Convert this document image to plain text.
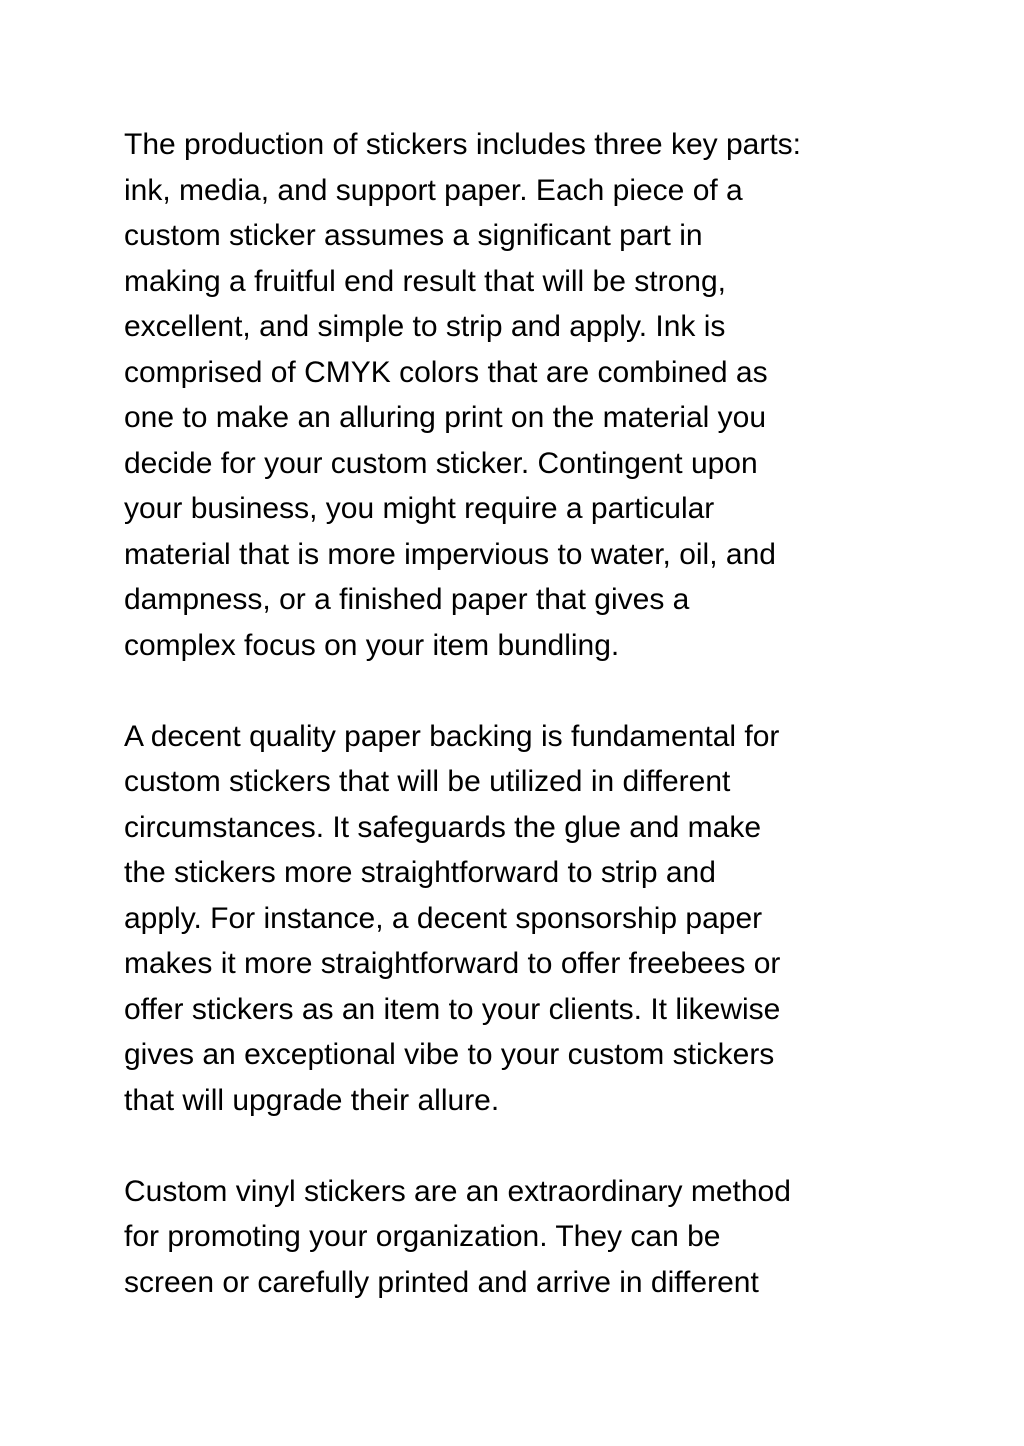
The production of stickers includes three key parts:
ink, media, and support paper. Each piece of a
custom sticker assumes a significant part in
making a fruitful end result that will be strong,
excellent, and simple to strip and apply. Ink is
comprised of CMYK colors that are combined as
one to make an alluring print on the material you
decide for your custom sticker. Contingent upon
your business, you might require a particular
material that is more impervious to water, oil, and
dampness, or a finished paper that gives a
complex focus on your item bundling.
A decent quality paper backing is fundamental for
custom stickers that will be utilized in different
circumstances. It safeguards the glue and make
the stickers more straightforward to strip and
apply. For instance, a decent sponsorship paper
makes it more straightforward to offer freebees or
offer stickers as an item to your clients. It likewise
gives an exceptional vibe to your custom stickers
that will upgrade their allure.
Custom vinyl stickers are an extraordinary method
for promoting your organization. They can be
screen or carefully printed and arrive in different
